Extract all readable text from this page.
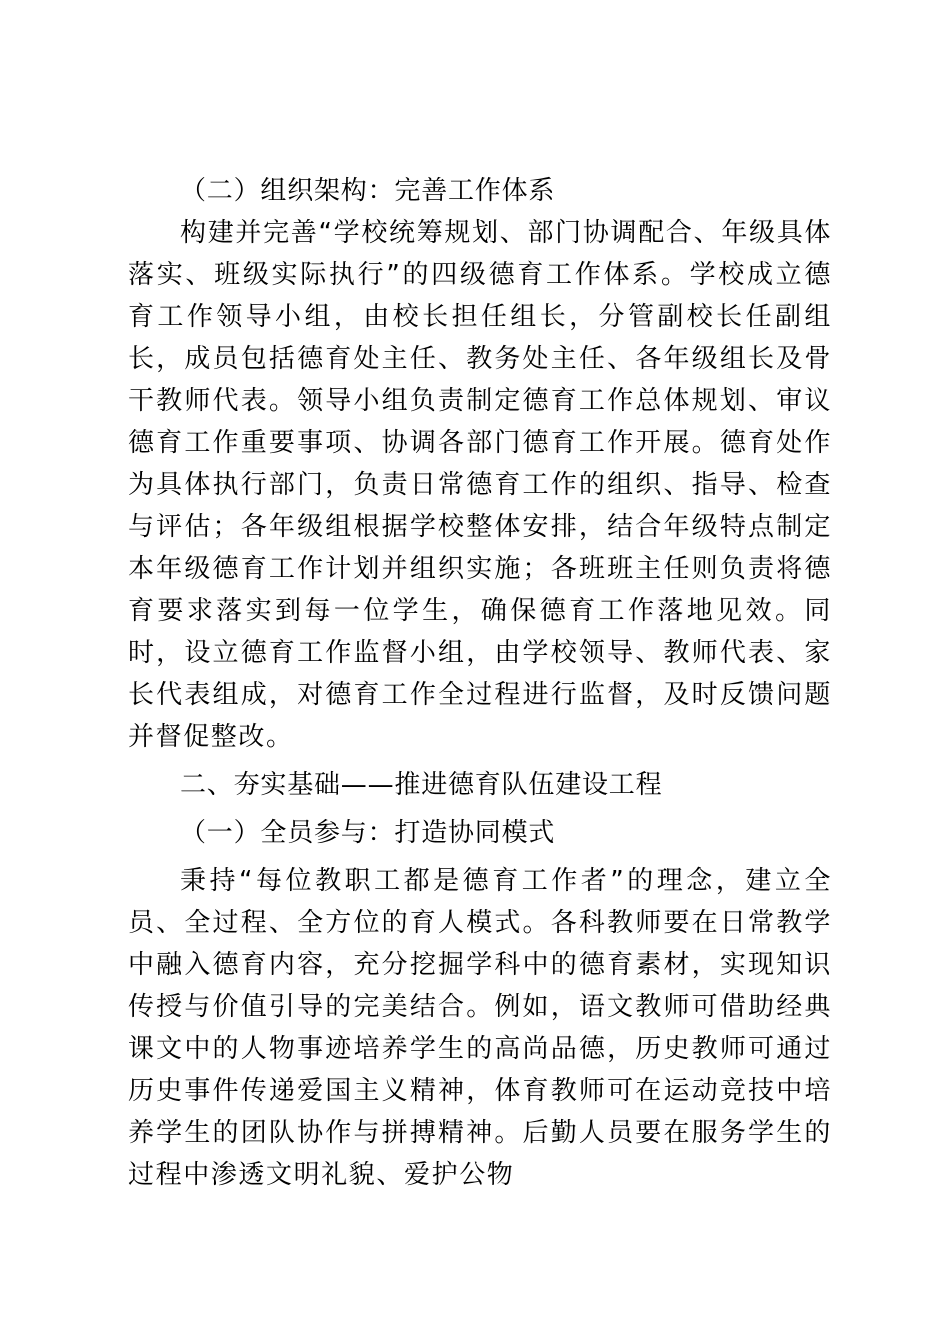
（二）组织架构：完善工作体系

构建并完善“学校统筹规划、部门协调配合、年级具体落实、班级实际执行”的四级德育工作体系。学校成立德育工作领导小组，由校长担任组长，分管副校长任副组长，成员包括德育处主任、教务处主任、各年级组长及骨干教师代表。领导小组负责制定德育工作总体规划、审议德育工作重要事项、协调各部门德育工作开展。德育处作为具体执行部门，负责日常德育工作的组织、指导、检查与评估；各年级组根据学校整体安排，结合年级特点制定本年级德育工作计划并组织实施；各班班主任则负责将德育要求落实到每一位学生，确保德育工作落地见效。同时，设立德育工作监督小组，由学校领导、教师代表、家长代表组成，对德育工作全过程进行监督，及时反馈问题并督促整改。

二、夯实基础——推进德育队伍建设工程

（一）全员参与：打造协同模式

秉持“每位教职工都是德育工作者”的理念，建立全员、全过程、全方位的育人模式。各科教师要在日常教学中融入德育内容，充分挖掘学科中的德育素材，实现知识传授与价值引导的完美结合。例如，语文教师可借助经典课文中的人物事迹培养学生的高尚品德，历史教师可通过历史事件传递爱国主义精神，体育教师可在运动竞技中培养学生的团队协作与拼搏精神。后勤人员要在服务学生的过程中渗透文明礼貌、爱护公物
